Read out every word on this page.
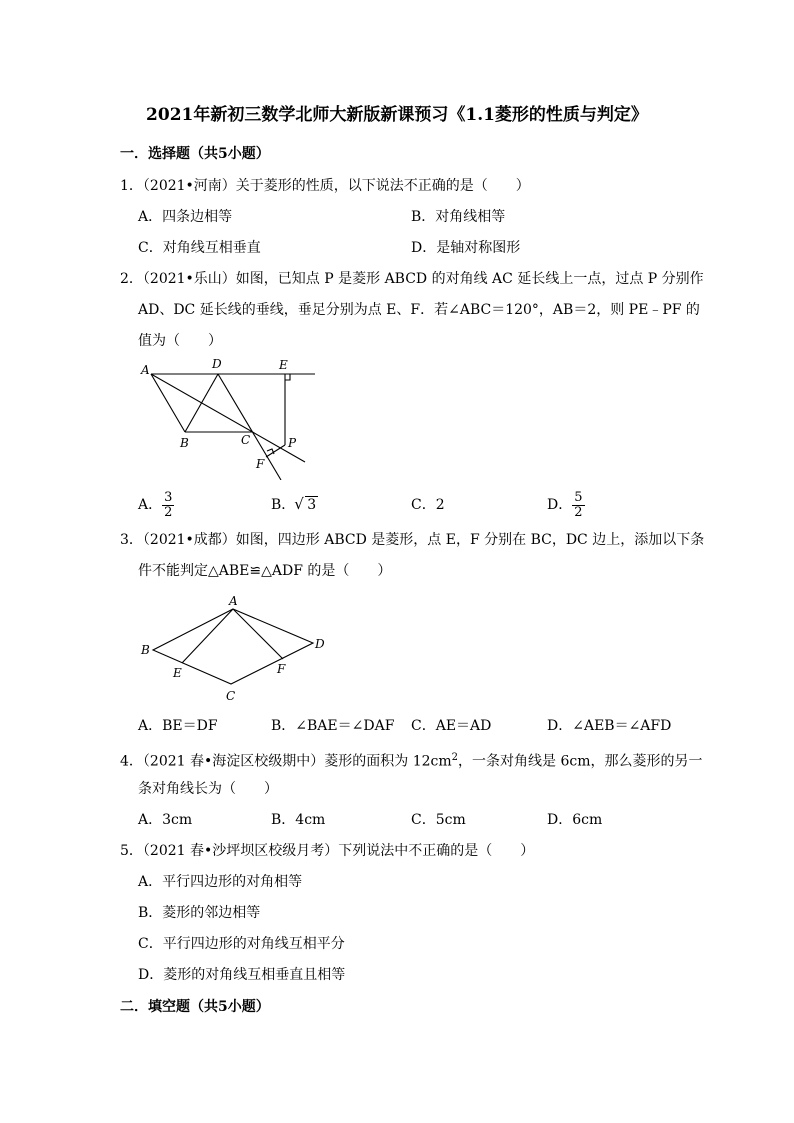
2021年新初三数学北师大新版新课预习《1.1菱形的性质与判定》
一．选择题（共5小题）
1．（2021•河南）关于菱形的性质，以下说法不正确的是（　　）
A．四条边相等	B．对角线相等
C．对角线互相垂直	D．是轴对称图形
2．（2021•乐山）如图，已知点 P 是菱形 ABCD 的对角线 AC 延长线上一点，过点 P 分别作
AD、DC 延长线的垂线，垂足分别为点 E、F．若∠ABC＝120°，AB＝2，则 PE﹣PF 的
值为（　　）
A	D	E
B	C	P
F
A． $\frac{3}{2}$	B．√ 3	C．2	D． $\frac{5}{2}$
3．（2021•成都）如图，四边形 ABCD 是菱形，点 E，F 分别在 BC，DC 边上，添加以下条
件不能判定△ABE≌△ADF 的是（　　）
A
B	D
E	F
C
A．BE＝DF	B．∠BAE＝∠DAF C．AE＝AD	D．∠AEB＝∠AFD
4．（2021 春•海淀区校级期中）菱形的面积为 $12cm^2$，一条对角线是 6cm，那么菱形的另一
条对角线长为（　　）
A．3cm	B．4cm	C．5cm	D．6cm
5．（2021 春•沙坪坝区校级月考）下列说法中不正确的是（　　）
A．平行四边形的对角相等
B．菱形的邻边相等
C．平行四边形的对角线互相平分
D．菱形的对角线互相垂直且相等
二．填空题（共5小题）
